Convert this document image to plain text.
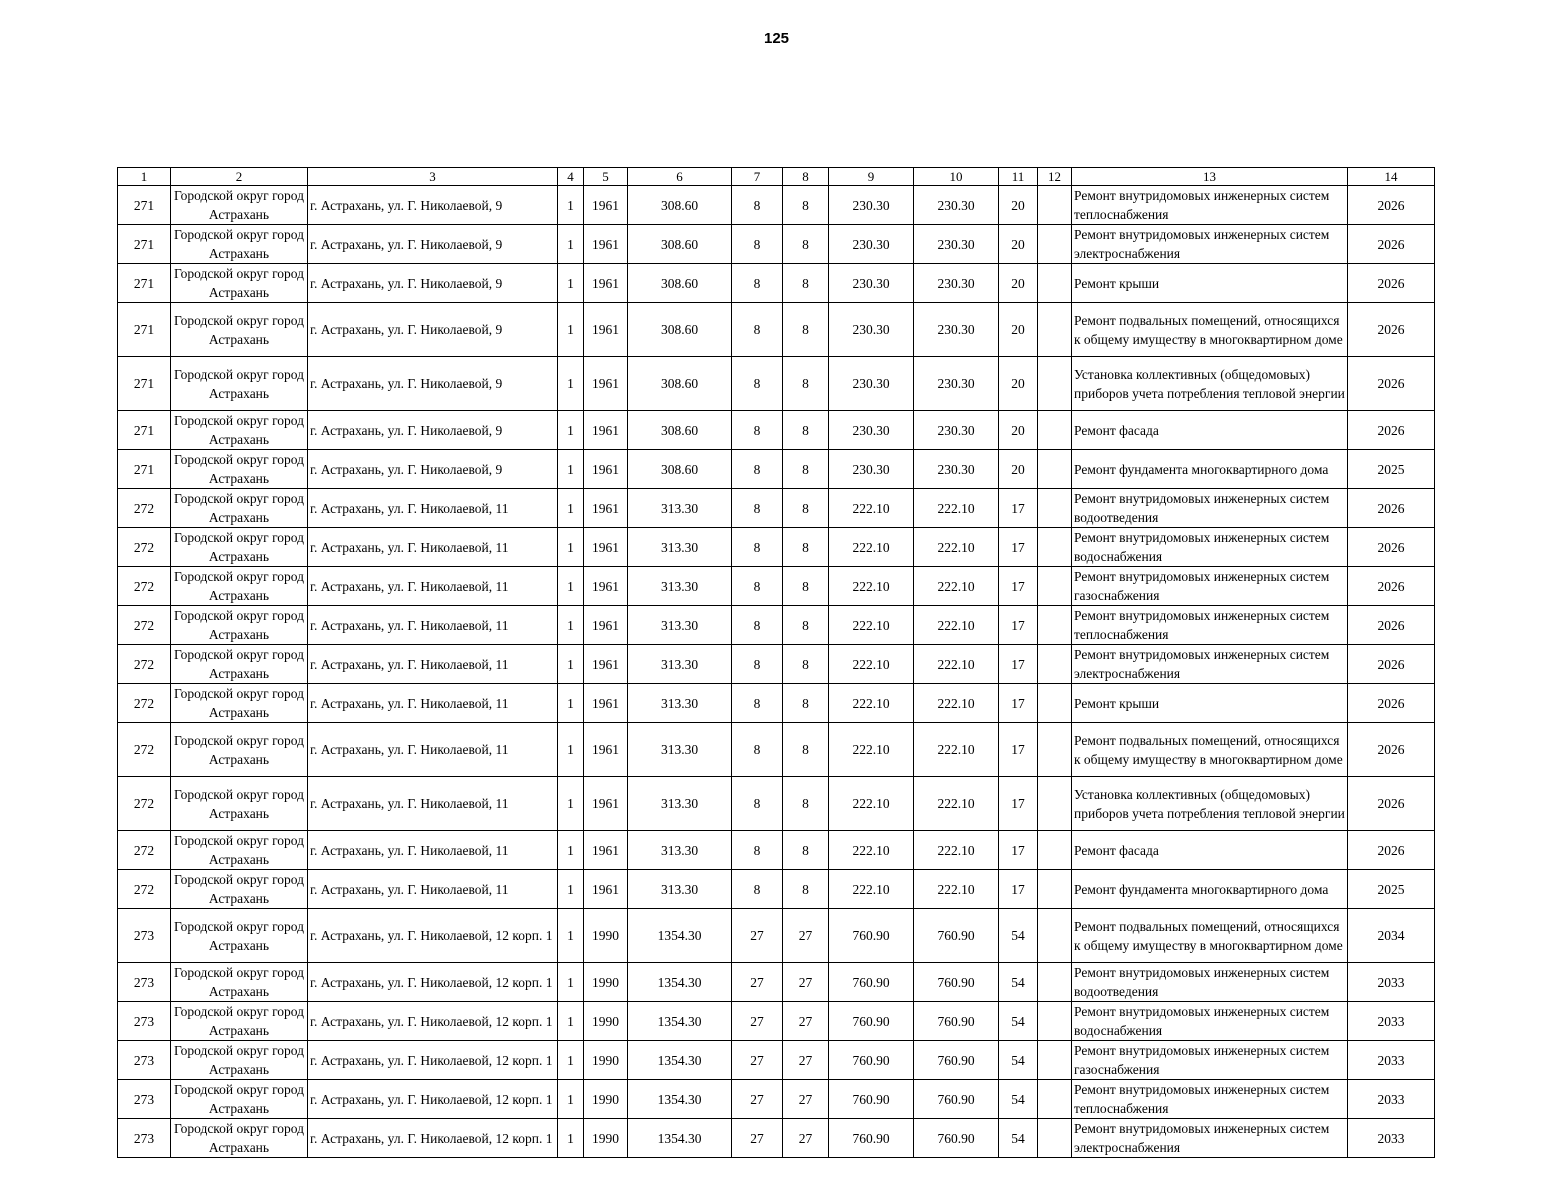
125
1	2	3	4	5	6	7	8	9	10	11	12	13	14
271	Городской округ город Астрахань	г. Астрахань, ул. Г. Николаевой, 9	1	1961	308.60	8	8	230.30	230.30	20		Ремонт внутридомовых инженерных систем теплоснабжения	2026
271	Городской округ город Астрахань	г. Астрахань, ул. Г. Николаевой, 9	1	1961	308.60	8	8	230.30	230.30	20		Ремонт внутридомовых инженерных систем электроснабжения	2026
271	Городской округ город Астрахань	г. Астрахань, ул. Г. Николаевой, 9	1	1961	308.60	8	8	230.30	230.30	20		Ремонт крыши	2026
271	Городской округ город Астрахань	г. Астрахань, ул. Г. Николаевой, 9	1	1961	308.60	8	8	230.30	230.30	20		Ремонт подвальных помещений, относящихся к общему имуществу в многоквартирном доме	2026
271	Городской округ город Астрахань	г. Астрахань, ул. Г. Николаевой, 9	1	1961	308.60	8	8	230.30	230.30	20		Установка коллективных (общедомовых) приборов учета потребления тепловой энергии	2026
271	Городской округ город Астрахань	г. Астрахань, ул. Г. Николаевой, 9	1	1961	308.60	8	8	230.30	230.30	20		Ремонт фасада	2026
271	Городской округ город Астрахань	г. Астрахань, ул. Г. Николаевой, 9	1	1961	308.60	8	8	230.30	230.30	20		Ремонт фундамента многоквартирного дома	2025
272	Городской округ город Астрахань	г. Астрахань, ул. Г. Николаевой, 11	1	1961	313.30	8	8	222.10	222.10	17		Ремонт внутридомовых инженерных систем водоотведения	2026
272	Городской округ город Астрахань	г. Астрахань, ул. Г. Николаевой, 11	1	1961	313.30	8	8	222.10	222.10	17		Ремонт внутридомовых инженерных систем водоснабжения	2026
272	Городской округ город Астрахань	г. Астрахань, ул. Г. Николаевой, 11	1	1961	313.30	8	8	222.10	222.10	17		Ремонт внутридомовых инженерных систем газоснабжения	2026
272	Городской округ город Астрахань	г. Астрахань, ул. Г. Николаевой, 11	1	1961	313.30	8	8	222.10	222.10	17		Ремонт внутридомовых инженерных систем теплоснабжения	2026
272	Городской округ город Астрахань	г. Астрахань, ул. Г. Николаевой, 11	1	1961	313.30	8	8	222.10	222.10	17		Ремонт внутридомовых инженерных систем электроснабжения	2026
272	Городской округ город Астрахань	г. Астрахань, ул. Г. Николаевой, 11	1	1961	313.30	8	8	222.10	222.10	17		Ремонт крыши	2026
272	Городской округ город Астрахань	г. Астрахань, ул. Г. Николаевой, 11	1	1961	313.30	8	8	222.10	222.10	17		Ремонт подвальных помещений, относящихся к общему имуществу в многоквартирном доме	2026
272	Городской округ город Астрахань	г. Астрахань, ул. Г. Николаевой, 11	1	1961	313.30	8	8	222.10	222.10	17		Установка коллективных (общедомовых) приборов учета потребления тепловой энергии	2026
272	Городской округ город Астрахань	г. Астрахань, ул. Г. Николаевой, 11	1	1961	313.30	8	8	222.10	222.10	17		Ремонт фасада	2026
272	Городской округ город Астрахань	г. Астрахань, ул. Г. Николаевой, 11	1	1961	313.30	8	8	222.10	222.10	17		Ремонт фундамента многоквартирного дома	2025
273	Городской округ город Астрахань	г. Астрахань, ул. Г. Николаевой, 12 корп. 1	1	1990	1354.30	27	27	760.90	760.90	54		Ремонт подвальных помещений, относящихся к общему имуществу в многоквартирном доме	2034
273	Городской округ город Астрахань	г. Астрахань, ул. Г. Николаевой, 12 корп. 1	1	1990	1354.30	27	27	760.90	760.90	54		Ремонт внутридомовых инженерных систем водоотведения	2033
273	Городской округ город Астрахань	г. Астрахань, ул. Г. Николаевой, 12 корп. 1	1	1990	1354.30	27	27	760.90	760.90	54		Ремонт внутридомовых инженерных систем водоснабжения	2033
273	Городской округ город Астрахань	г. Астрахань, ул. Г. Николаевой, 12 корп. 1	1	1990	1354.30	27	27	760.90	760.90	54		Ремонт внутридомовых инженерных систем газоснабжения	2033
273	Городской округ город Астрахань	г. Астрахань, ул. Г. Николаевой, 12 корп. 1	1	1990	1354.30	27	27	760.90	760.90	54		Ремонт внутридомовых инженерных систем теплоснабжения	2033
273	Городской округ город Астрахань	г. Астрахань, ул. Г. Николаевой, 12 корп. 1	1	1990	1354.30	27	27	760.90	760.90	54		Ремонт внутридомовых инженерных систем электроснабжения	2033
